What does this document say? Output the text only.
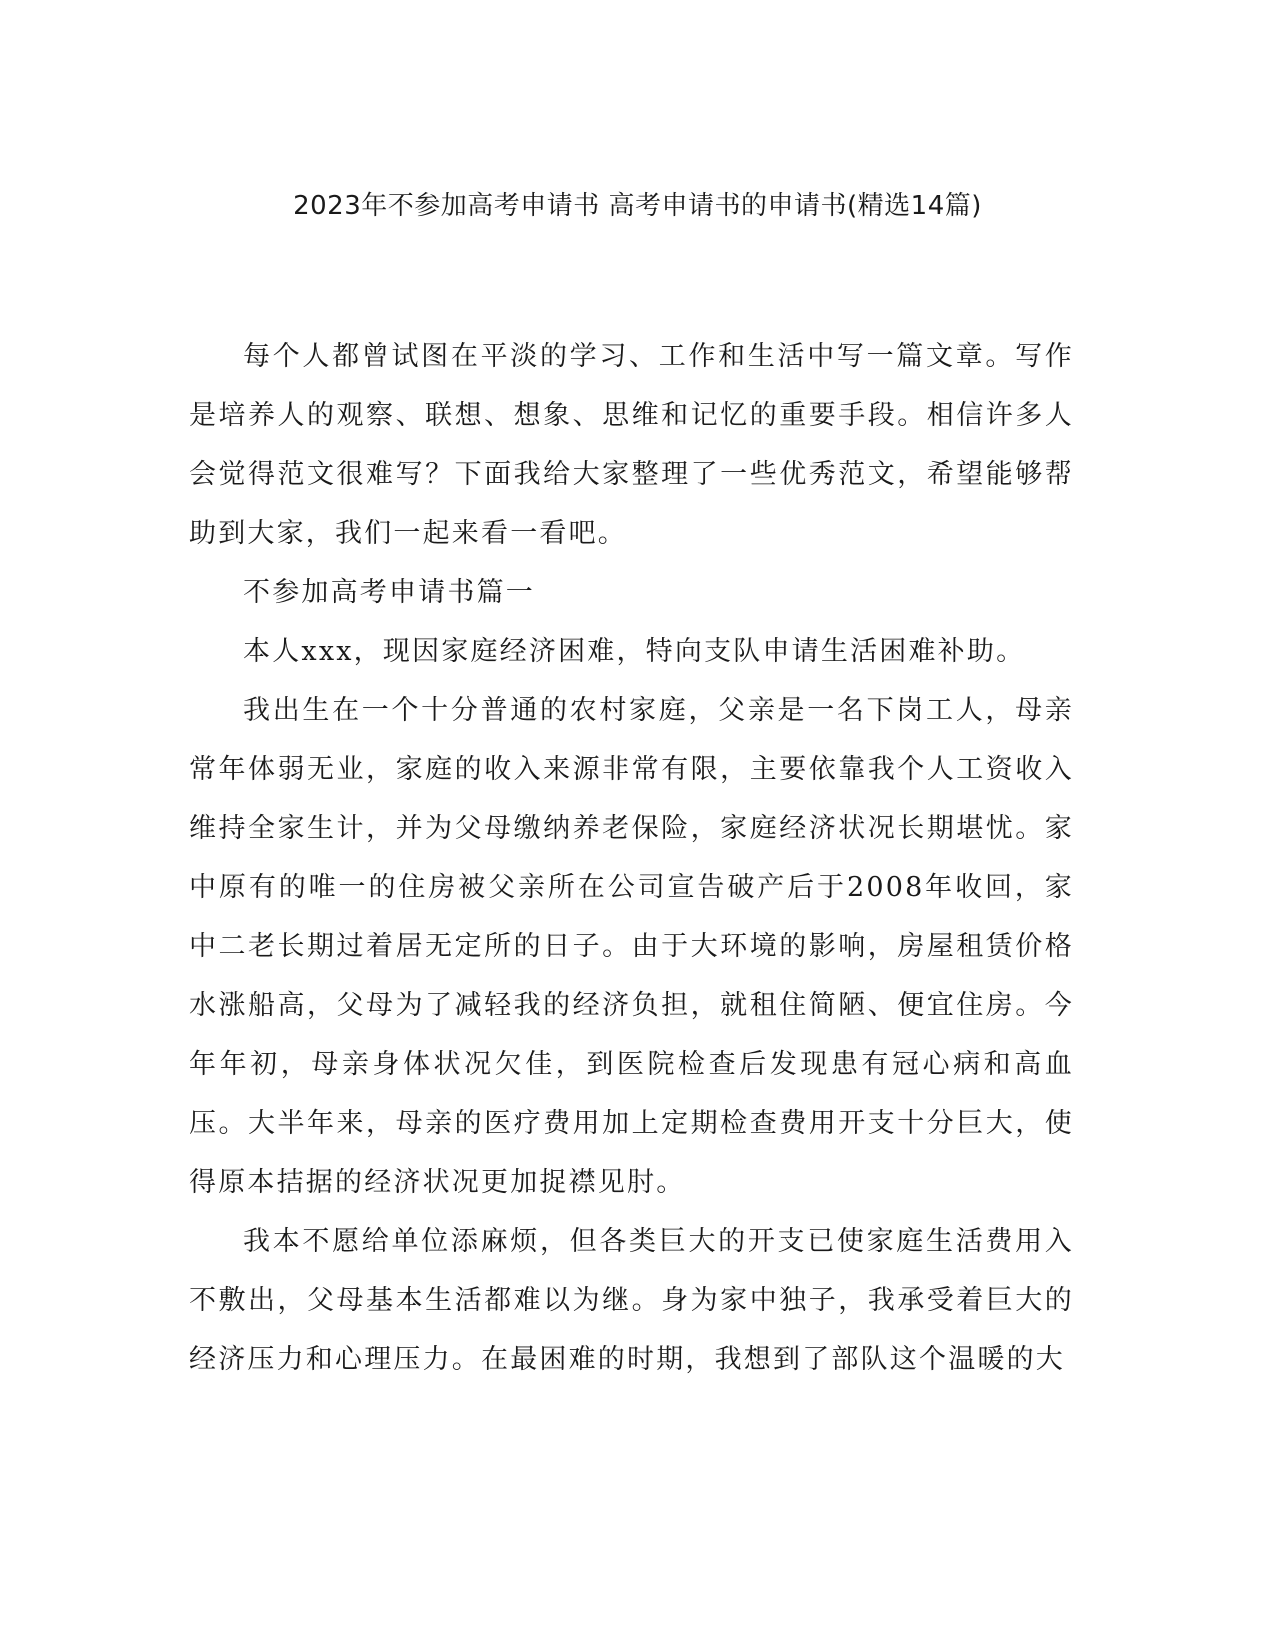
2023年不参加高考申请书 高考申请书的申请书(精选14篇)

每个人都曾试图在平淡的学习、工作和生活中写一篇文章。写作是培养人的观察、联想、想象、思维和记忆的重要手段。相信许多人会觉得范文很难写？下面我给大家整理了一些优秀范文，希望能够帮助到大家，我们一起来看一看吧。

不参加高考申请书篇一

本人xxx，现因家庭经济困难，特向支队申请生活困难补助。

我出生在一个十分普通的农村家庭，父亲是一名下岗工人，母亲常年体弱无业，家庭的收入来源非常有限，主要依靠我个人工资收入维持全家生计，并为父母缴纳养老保险，家庭经济状况长期堪忧。家中原有的唯一的住房被父亲所在公司宣告破产后于2008年收回，家中二老长期过着居无定所的日子。由于大环境的影响，房屋租赁价格水涨船高，父母为了减轻我的经济负担，就租住简陋、便宜住房。今年年初，母亲身体状况欠佳，到医院检查后发现患有冠心病和高血压。大半年来，母亲的医疗费用加上定期检查费用开支十分巨大，使得原本拮据的经济状况更加捉襟见肘。

我本不愿给单位添麻烦，但各类巨大的开支已使家庭生活费用入不敷出，父母基本生活都难以为继。身为家中独子，我承受着巨大的经济压力和心理压力。在最困难的时期，我想到了部队这个温暖的大
